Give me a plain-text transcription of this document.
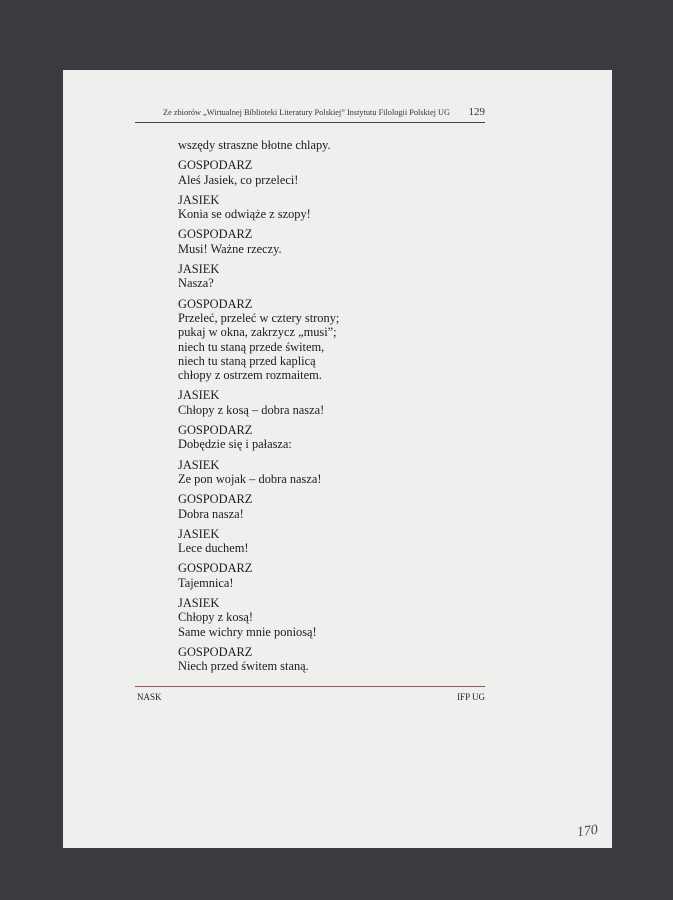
Ze zbiorów „Wirtualnej Biblioteki Literatury Polskiej” Instytutu Filologii Polskiej UG 129
wszędy straszne błotne chlapy.
GOSPODARZ
Aleś Jasiek, co przeleci!
JASIEK
Konia se odwiąże z szopy!
GOSPODARZ
Musi! Ważne rzeczy.
JASIEK
Nasza?
GOSPODARZ
Przeleć, przeleć w cztery strony;
pukaj w okna, zakrzycz „musi”;
niech tu staną przede świtem,
niech tu staną przed kaplicą
chłopy z ostrzem rozmaitem.
JASIEK
Chłopy z kosą – dobra nasza!
GOSPODARZ
Dobędzie się i pałasza:
JASIEK
Ze pon wojak – dobra nasza!
GOSPODARZ
Dobra nasza!
JASIEK
Lece duchem!
GOSPODARZ
Tajemnica!
JASIEK
Chłopy z kosą!
Same wichry mnie poniosą!
GOSPODARZ
Niech przed świtem staną.
NASK	IFP UG
170
